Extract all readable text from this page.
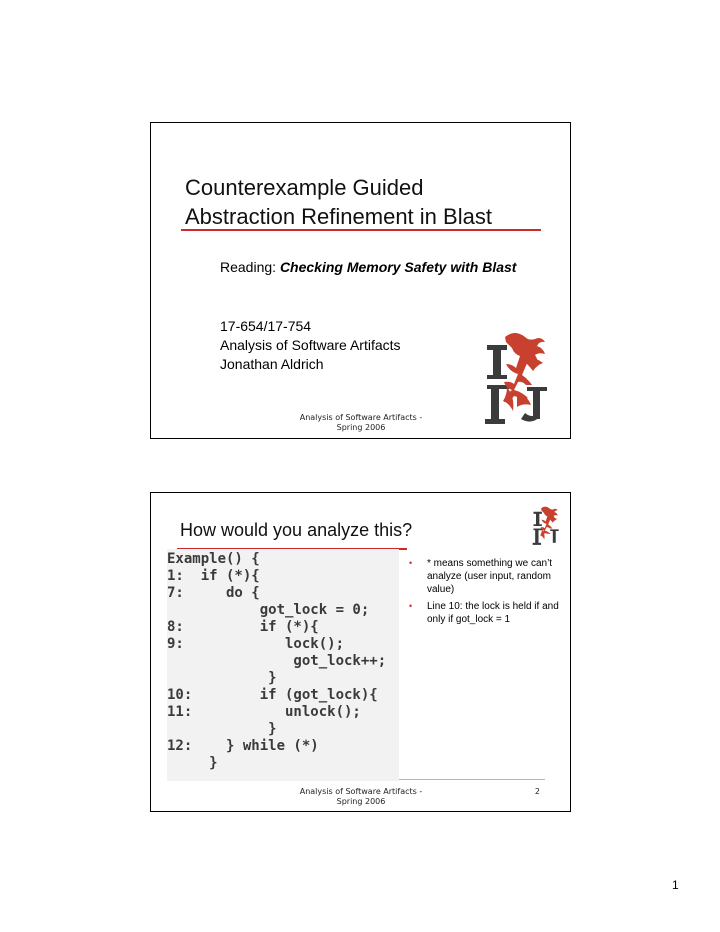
Counterexample Guided
Abstraction Refinement in Blast
Reading: Checking Memory Safety with Blast
17-654/17-754
Analysis of Software Artifacts
Jonathan Aldrich
Analysis of Software Artifacts -
Spring 2006
How would you analyze this?
Example() {
1:  if (*){
7:     do {
got_lock = 0;
8:         if (*){
9:            lock();
got_lock++;
}
10:        if (got_lock){
11:           unlock();
}
12:    } while (*)
}
• * means something we can’t analyze (user input, random value)
• Line 10: the lock is held if and only if got_lock = 1
Analysis of Software Artifacts -
Spring 2006
2
1
